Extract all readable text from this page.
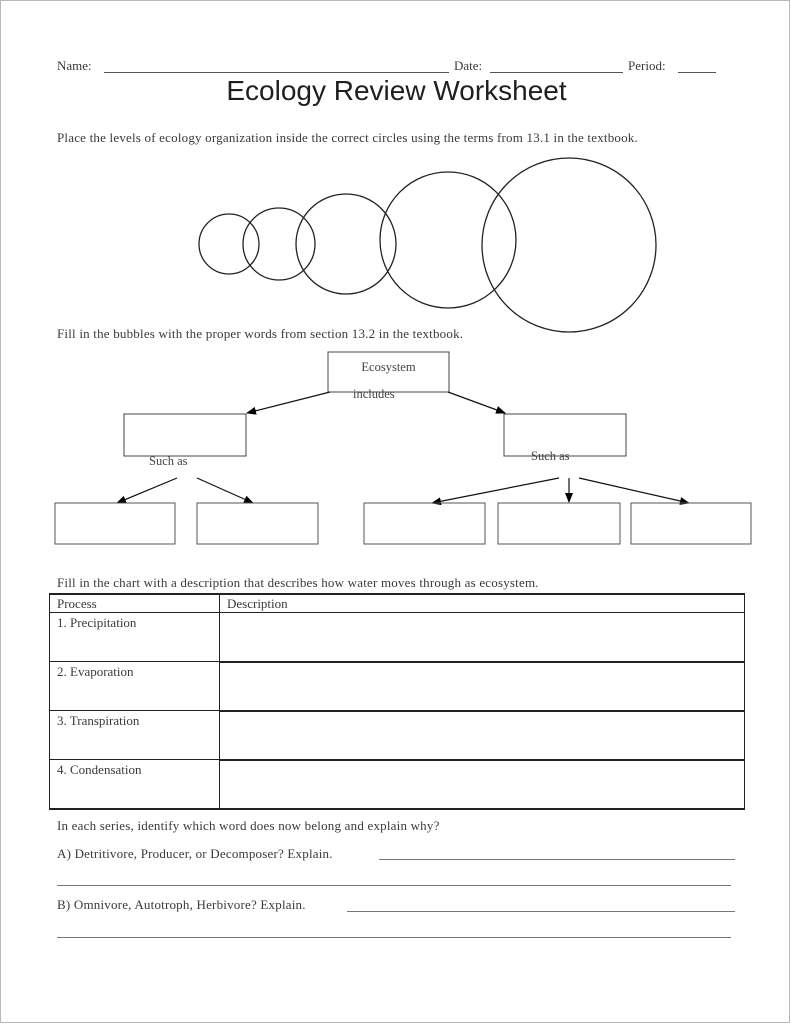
Name:	Date:	Period:
Ecology Review Worksheet
Place the levels of ecology organization inside the correct circles using the terms from 13.1 in the textbook.
Fill in the bubbles with the proper words from section 13.2 in the textbook.
Ecosystem
includes
Such as	Such as
Fill in the chart with a description that describes how water moves through as ecosystem.
Process	Description
1. Precipitation	
2. Evaporation	
3. Transpiration	
4. Condensation	
In each series, identify which word does now belong and explain why?
A) Detritivore, Producer, or Decomposer? Explain.
B) Omnivore, Autotroph, Herbivore? Explain.
